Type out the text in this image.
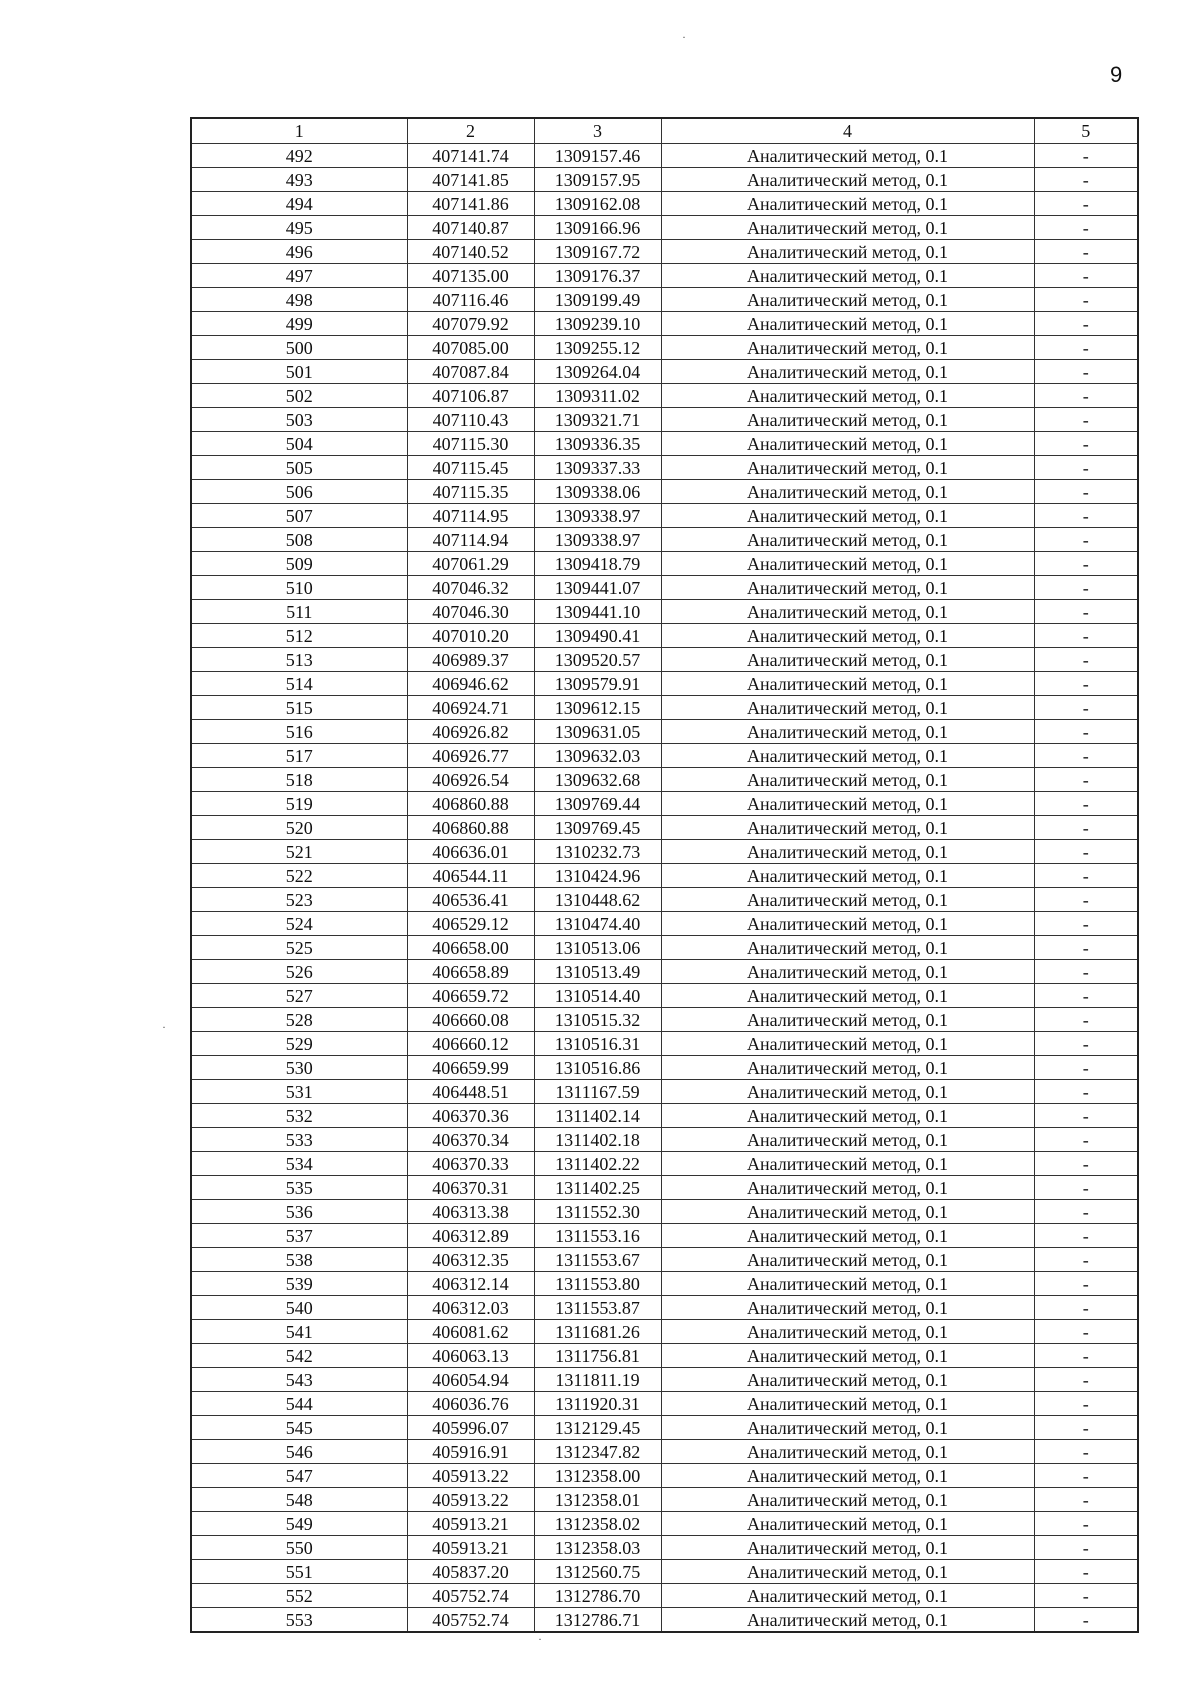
9
·
·
·
1	2	3	4	5
492	407141.74	1309157.46	Аналитический метод, 0.1	-
493	407141.85	1309157.95	Аналитический метод, 0.1	-
494	407141.86	1309162.08	Аналитический метод, 0.1	-
495	407140.87	1309166.96	Аналитический метод, 0.1	-
496	407140.52	1309167.72	Аналитический метод, 0.1	-
497	407135.00	1309176.37	Аналитический метод, 0.1	-
498	407116.46	1309199.49	Аналитический метод, 0.1	-
499	407079.92	1309239.10	Аналитический метод, 0.1	-
500	407085.00	1309255.12	Аналитический метод, 0.1	-
501	407087.84	1309264.04	Аналитический метод, 0.1	-
502	407106.87	1309311.02	Аналитический метод, 0.1	-
503	407110.43	1309321.71	Аналитический метод, 0.1	-
504	407115.30	1309336.35	Аналитический метод, 0.1	-
505	407115.45	1309337.33	Аналитический метод, 0.1	-
506	407115.35	1309338.06	Аналитический метод, 0.1	-
507	407114.95	1309338.97	Аналитический метод, 0.1	-
508	407114.94	1309338.97	Аналитический метод, 0.1	-
509	407061.29	1309418.79	Аналитический метод, 0.1	-
510	407046.32	1309441.07	Аналитический метод, 0.1	-
511	407046.30	1309441.10	Аналитический метод, 0.1	-
512	407010.20	1309490.41	Аналитический метод, 0.1	-
513	406989.37	1309520.57	Аналитический метод, 0.1	-
514	406946.62	1309579.91	Аналитический метод, 0.1	-
515	406924.71	1309612.15	Аналитический метод, 0.1	-
516	406926.82	1309631.05	Аналитический метод, 0.1	-
517	406926.77	1309632.03	Аналитический метод, 0.1	-
518	406926.54	1309632.68	Аналитический метод, 0.1	-
519	406860.88	1309769.44	Аналитический метод, 0.1	-
520	406860.88	1309769.45	Аналитический метод, 0.1	-
521	406636.01	1310232.73	Аналитический метод, 0.1	-
522	406544.11	1310424.96	Аналитический метод, 0.1	-
523	406536.41	1310448.62	Аналитический метод, 0.1	-
524	406529.12	1310474.40	Аналитический метод, 0.1	-
525	406658.00	1310513.06	Аналитический метод, 0.1	-
526	406658.89	1310513.49	Аналитический метод, 0.1	-
527	406659.72	1310514.40	Аналитический метод, 0.1	-
528	406660.08	1310515.32	Аналитический метод, 0.1	-
529	406660.12	1310516.31	Аналитический метод, 0.1	-
530	406659.99	1310516.86	Аналитический метод, 0.1	-
531	406448.51	1311167.59	Аналитический метод, 0.1	-
532	406370.36	1311402.14	Аналитический метод, 0.1	-
533	406370.34	1311402.18	Аналитический метод, 0.1	-
534	406370.33	1311402.22	Аналитический метод, 0.1	-
535	406370.31	1311402.25	Аналитический метод, 0.1	-
536	406313.38	1311552.30	Аналитический метод, 0.1	-
537	406312.89	1311553.16	Аналитический метод, 0.1	-
538	406312.35	1311553.67	Аналитический метод, 0.1	-
539	406312.14	1311553.80	Аналитический метод, 0.1	-
540	406312.03	1311553.87	Аналитический метод, 0.1	-
541	406081.62	1311681.26	Аналитический метод, 0.1	-
542	406063.13	1311756.81	Аналитический метод, 0.1	-
543	406054.94	1311811.19	Аналитический метод, 0.1	-
544	406036.76	1311920.31	Аналитический метод, 0.1	-
545	405996.07	1312129.45	Аналитический метод, 0.1	-
546	405916.91	1312347.82	Аналитический метод, 0.1	-
547	405913.22	1312358.00	Аналитический метод, 0.1	-
548	405913.22	1312358.01	Аналитический метод, 0.1	-
549	405913.21	1312358.02	Аналитический метод, 0.1	-
550	405913.21	1312358.03	Аналитический метод, 0.1	-
551	405837.20	1312560.75	Аналитический метод, 0.1	-
552	405752.74	1312786.70	Аналитический метод, 0.1	-
553	405752.74	1312786.71	Аналитический метод, 0.1	-
